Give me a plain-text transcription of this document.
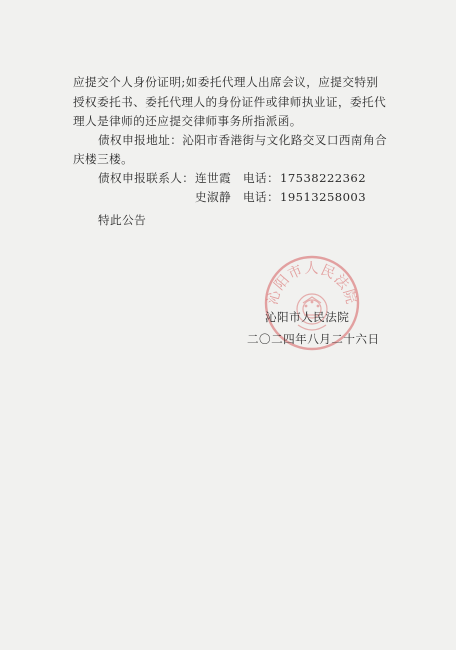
应提交个人身份证明;如委托代理人出席会议，应提交特别
授权委托书、委托代理人的身份证件或律师执业证，委托代
理人是律师的还应提交律师事务所指派函。
债权申报地址：沁阳市香港街与文化路交叉口西南角合
庆楼三楼。
债权申报联系人： 连世霞 电话： 17538222362
史淑静 电话： 19513258003
特此公告
沁阳市人民法院
沁阳市人民法院
二〇二四年八月二十六日
